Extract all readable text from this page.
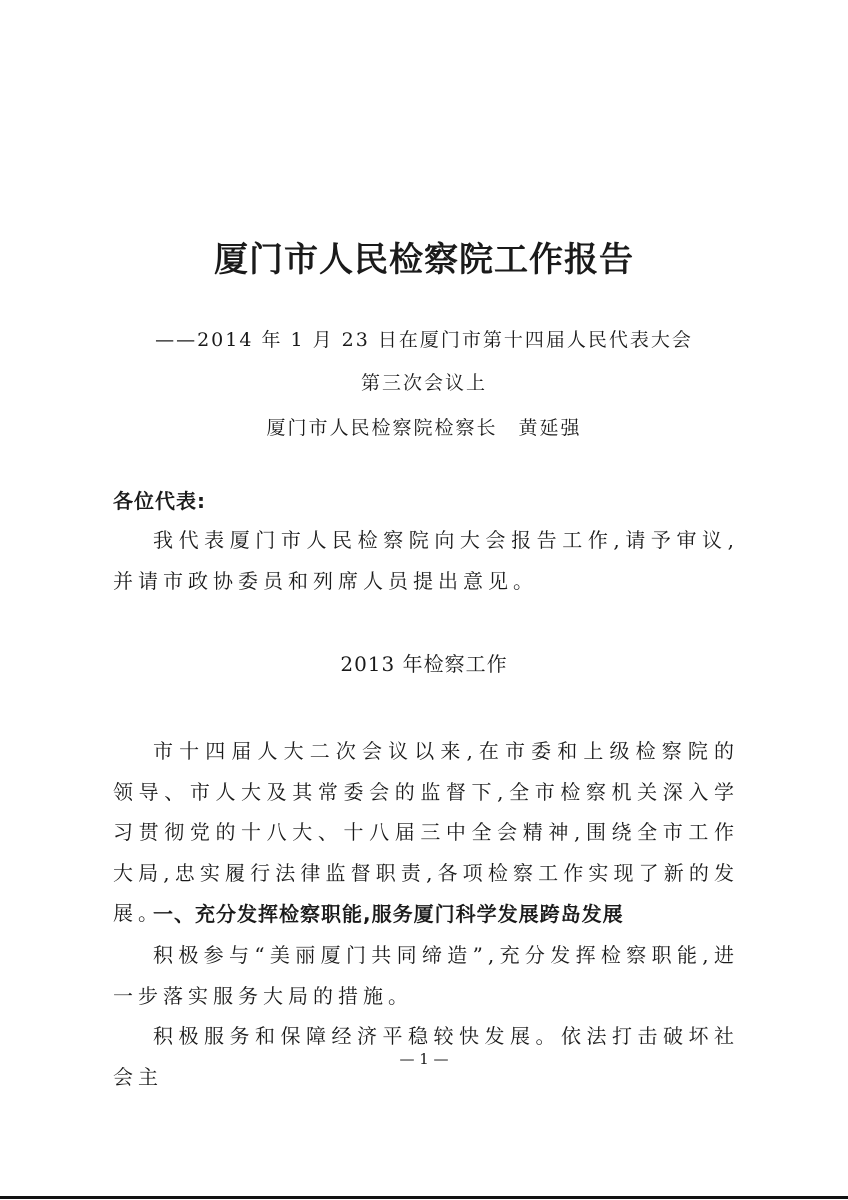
厦门市人民检察院工作报告
——2014 年 1 月 23 日在厦门市第十四届人民代表大会
第三次会议上
厦门市人民检察院检察长　黄延强
各位代表:
我代表厦门市人民检察院向大会报告工作,请予审议,并请市政协委员和列席人员提出意见。
2013 年检察工作
市十四届人大二次会议以来,在市委和上级检察院的领导、市人大及其常委会的监督下,全市检察机关深入学习贯彻党的十八大、十八届三中全会精神,围绕全市工作大局,忠实履行法律监督职责,各项检察工作实现了新的发展。
一、充分发挥检察职能,服务厦门科学发展跨岛发展
积极参与“美丽厦门共同缔造”,充分发挥检察职能,进一步落实服务大局的措施。
积极服务和保障经济平稳较快发展。依法打击破坏社会主
— 1 —
